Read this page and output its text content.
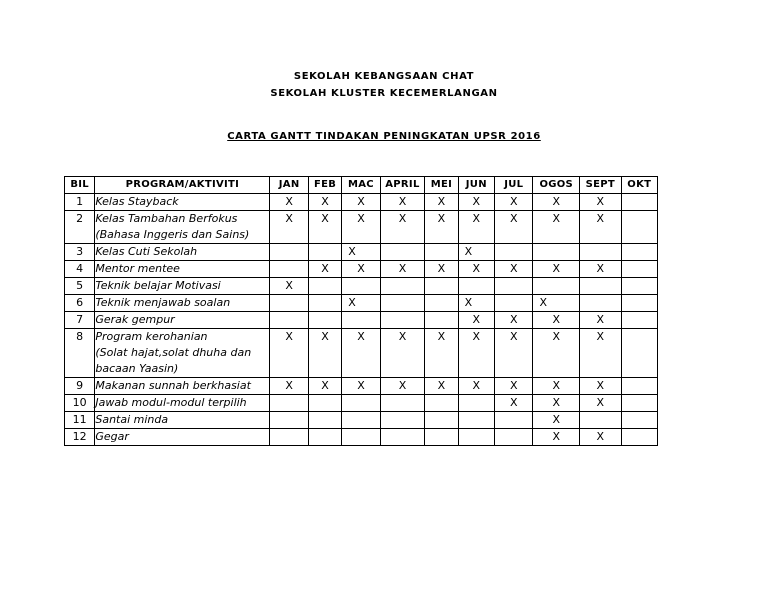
SEKOLAH KEBANGSAAN CHAT
SEKOLAH KLUSTER KECEMERLANGAN
CARTA GANTT TINDAKAN PENINGKATAN UPSR 2016
BIL	PROGRAM/AKTIVITI	JAN	FEB	MAC	APRIL	MEI	JUN	JUL	OGOS	SEPT	OKT
1	Kelas Stayback	X	X	X	X	X	X	X	X	X	
2	Kelas Tambahan Berfokus
(Bahasa Inggeris dan Sains)	X	X	X	X	X	X	X	X	X	
3	Kelas Cuti Sekolah			X			X				
4	Mentor mentee		X	X	X	X	X	X	X	X	
5	Teknik belajar Motivasi	X									
6	Teknik menjawab soalan			X			X		X		
7	Gerak gempur						X	X	X	X	
8	Program kerohanian
(Solat hajat,solat dhuha dan
bacaan Yaasin)	X	X	X	X	X	X	X	X	X	
9	Makanan sunnah berkhasiat	X	X	X	X	X	X	X	X	X	
10	Jawab modul-modul terpilih							X	X	X	
11	Santai minda								X		
12	Gegar								X	X	
